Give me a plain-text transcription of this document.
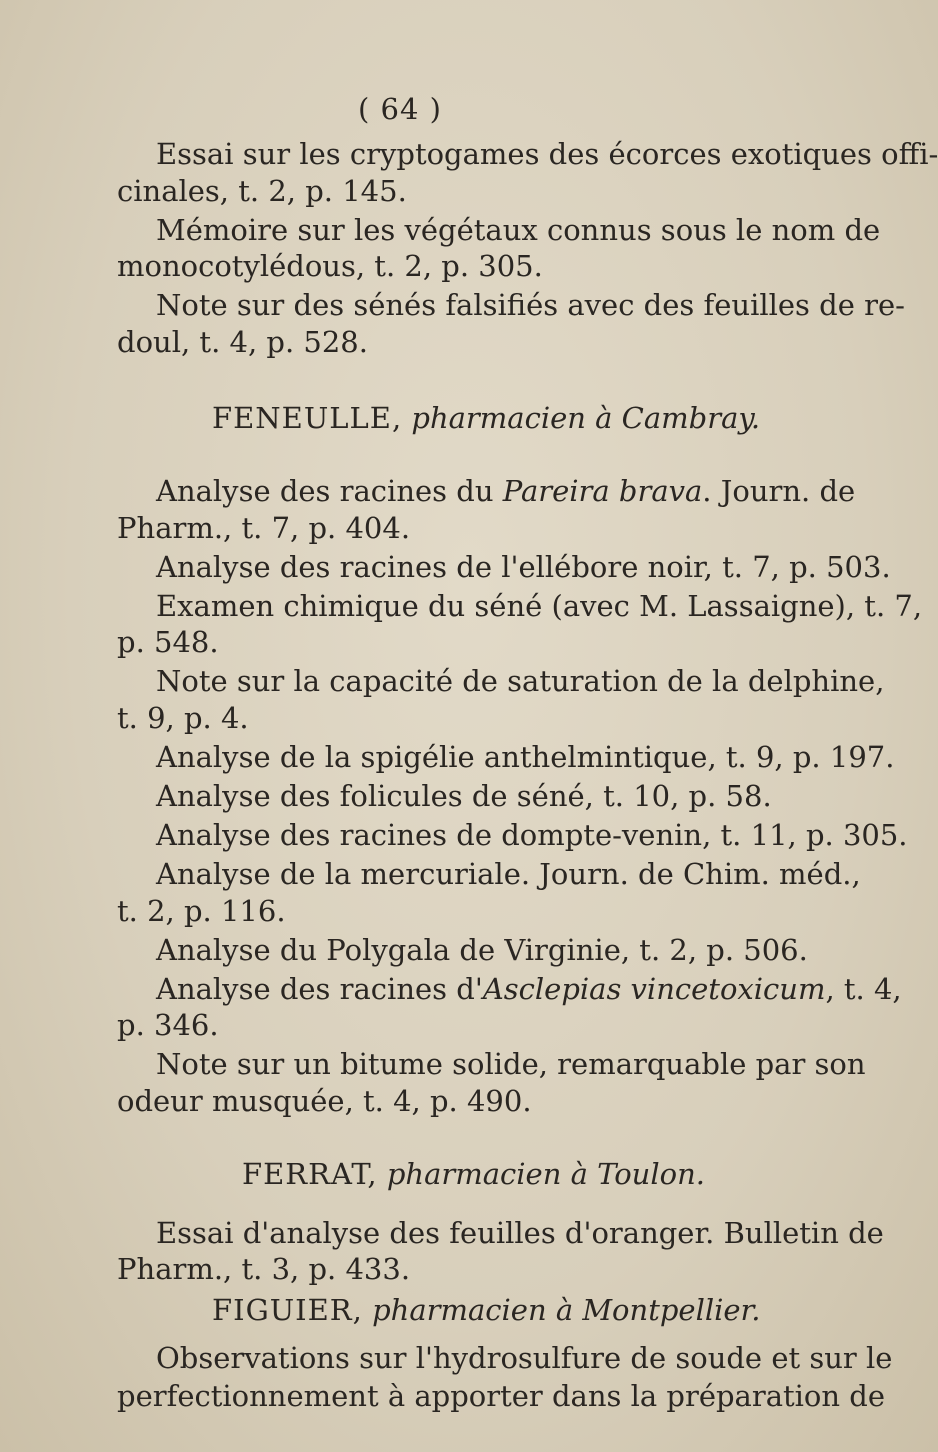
( 64 )
Essai sur les cryptogames des écorces exotiques offi-
cinales, t. 2, p. 145.
Mémoire sur les végétaux connus sous le nom de
monocotylédous, t. 2, p. 305.
Note sur des sénés falsifiés avec des feuilles de re-
doul, t. 4, p. 528.
FENEULLE, pharmacien à Cambray.
Analyse des racines du Pareira brava. Journ. de
Pharm., t. 7, p. 404.
Analyse des racines de l'ellébore noir, t. 7, p. 503.
Examen chimique du séné (avec M. Lassaigne), t. 7,
p. 548.
Note sur la capacité de saturation de la delphine,
t. 9, p. 4.
Analyse de la spigélie anthelmintique, t. 9, p. 197.
Analyse des folicules de séné, t. 10, p. 58.
Analyse des racines de dompte-venin, t. 11, p. 305.
Analyse de la mercuriale. Journ. de Chim. méd.,
t. 2, p. 116.
Analyse du Polygala de Virginie, t. 2, p. 506.
Analyse des racines d'Asclepias vincetoxicum, t. 4,
p. 346.
Note sur un bitume solide, remarquable par son
odeur musquée, t. 4, p. 490.
FERRAT, pharmacien à Toulon.
Essai d'analyse des feuilles d'oranger. Bulletin de
Pharm., t. 3, p. 433.
FIGUIER, pharmacien à Montpellier.
Observations sur l'hydrosulfure de soude et sur le
perfectionnement à apporter dans la préparation de
